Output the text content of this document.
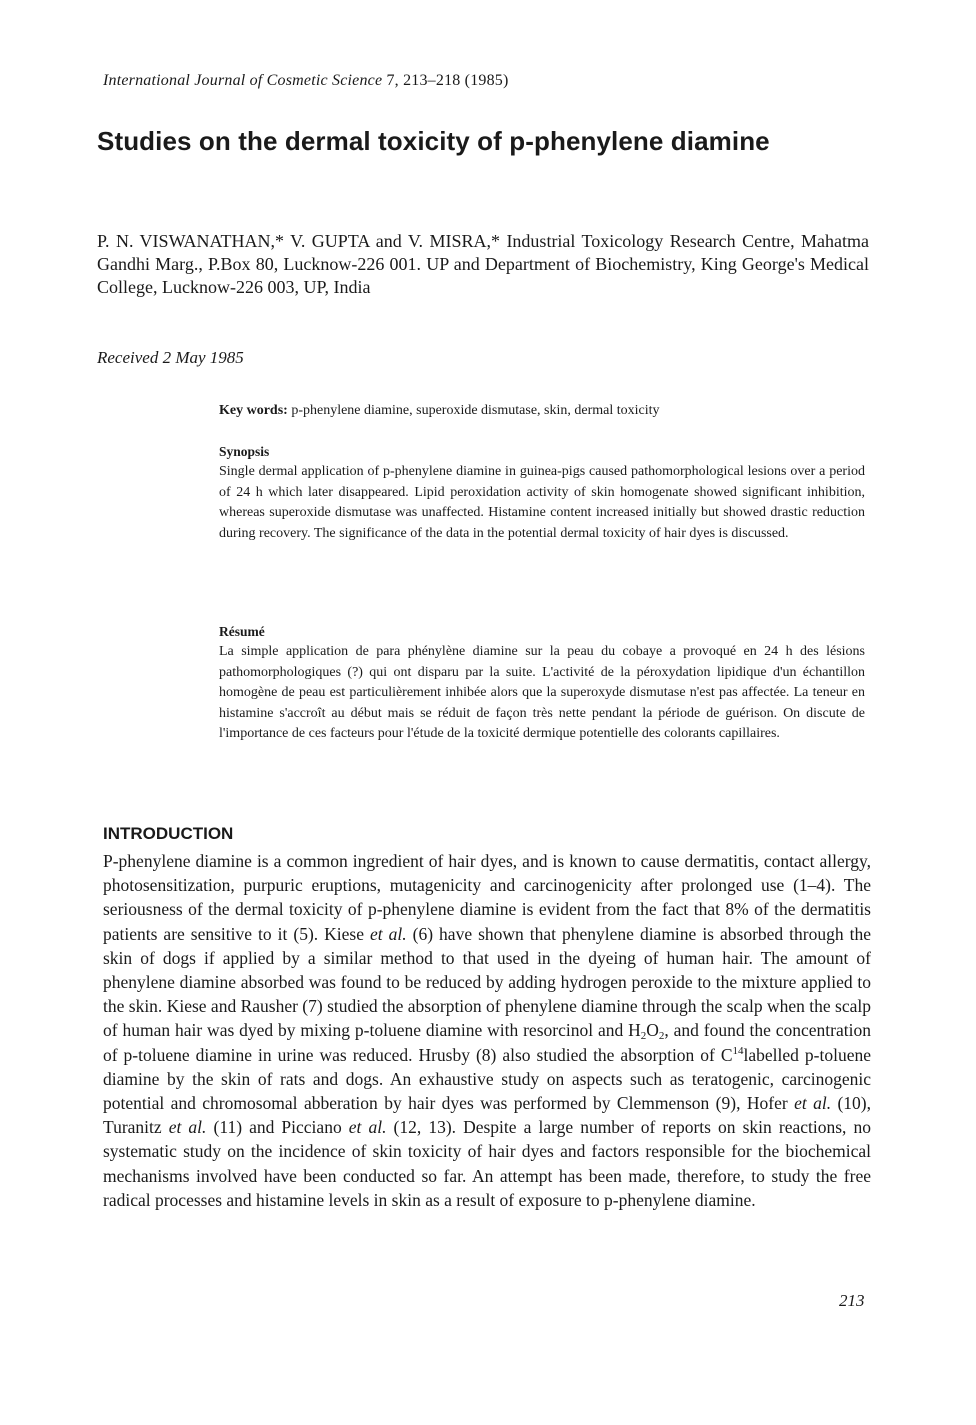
International Journal of Cosmetic Science 7, 213–218 (1985)
Studies on the dermal toxicity of p-phenylene diamine
P. N. VISWANATHAN,* V. GUPTA and V. MISRA,* Industrial Toxicology Research Centre, Mahatma Gandhi Marg., P.Box 80, Lucknow-226 001. UP and Department of Biochemistry, King George's Medical College, Lucknow-226 003, UP, India
Received 2 May 1985
Key words: p-phenylene diamine, superoxide dismutase, skin, dermal toxicity
Synopsis
Single dermal application of p-phenylene diamine in guinea-pigs caused pathomorphological lesions over a period of 24 h which later disappeared. Lipid peroxidation activity of skin homogenate showed significant inhibition, whereas superoxide dismutase was unaffected. Histamine content increased initially but showed drastic reduction during recovery. The significance of the data in the potential dermal toxicity of hair dyes is discussed.
Résumé
La simple application de para phénylène diamine sur la peau du cobaye a provoqué en 24 h des lésions pathomorphologiques (?) qui ont disparu par la suite. L'activité de la péroxydation lipidique d'un échantillon homogène de peau est particulièrement inhibée alors que la superoxyde dismutase n'est pas affectée. La teneur en histamine s'accroît au début mais se réduit de façon très nette pendant la période de guérison. On discute de l'importance de ces facteurs pour l'étude de la toxicité dermique potentielle des colorants capillaires.
INTRODUCTION
P-phenylene diamine is a common ingredient of hair dyes, and is known to cause dermatitis, contact allergy, photosensitization, purpuric eruptions, mutagenicity and carcinogenicity after prolonged use (1–4). The seriousness of the dermal toxicity of p-phenylene diamine is evident from the fact that 8% of the dermatitis patients are sensitive to it (5). Kiese et al. (6) have shown that phenylene diamine is absorbed through the skin of dogs if applied by a similar method to that used in the dyeing of human hair. The amount of phenylene diamine absorbed was found to be reduced by adding hydrogen peroxide to the mixture applied to the skin. Kiese and Rausher (7) studied the absorption of phenylene diamine through the scalp when the scalp of human hair was dyed by mixing p-toluene diamine with resorcinol and $H_2O_2$, and found the concentration of p-toluene diamine in urine was reduced. Hrusby (8) also studied the absorption of $C^{14}labelled$ p-toluene diamine by the skin of rats and dogs. An exhaustive study on aspects such as teratogenic, carcinogenic potential and chromosomal abberation by hair dyes was performed by Clemmenson (9), Hofer et al. (10), Turanitz et al. (11) and Picciano et al. (12, 13). Despite a large number of reports on skin reactions, no systematic study on the incidence of skin toxicity of hair dyes and factors responsible for the biochemical mechanisms involved have been conducted so far. An attempt has been made, therefore, to study the free radical processes and histamine levels in skin as a result of exposure to p-phenylene diamine.
213
